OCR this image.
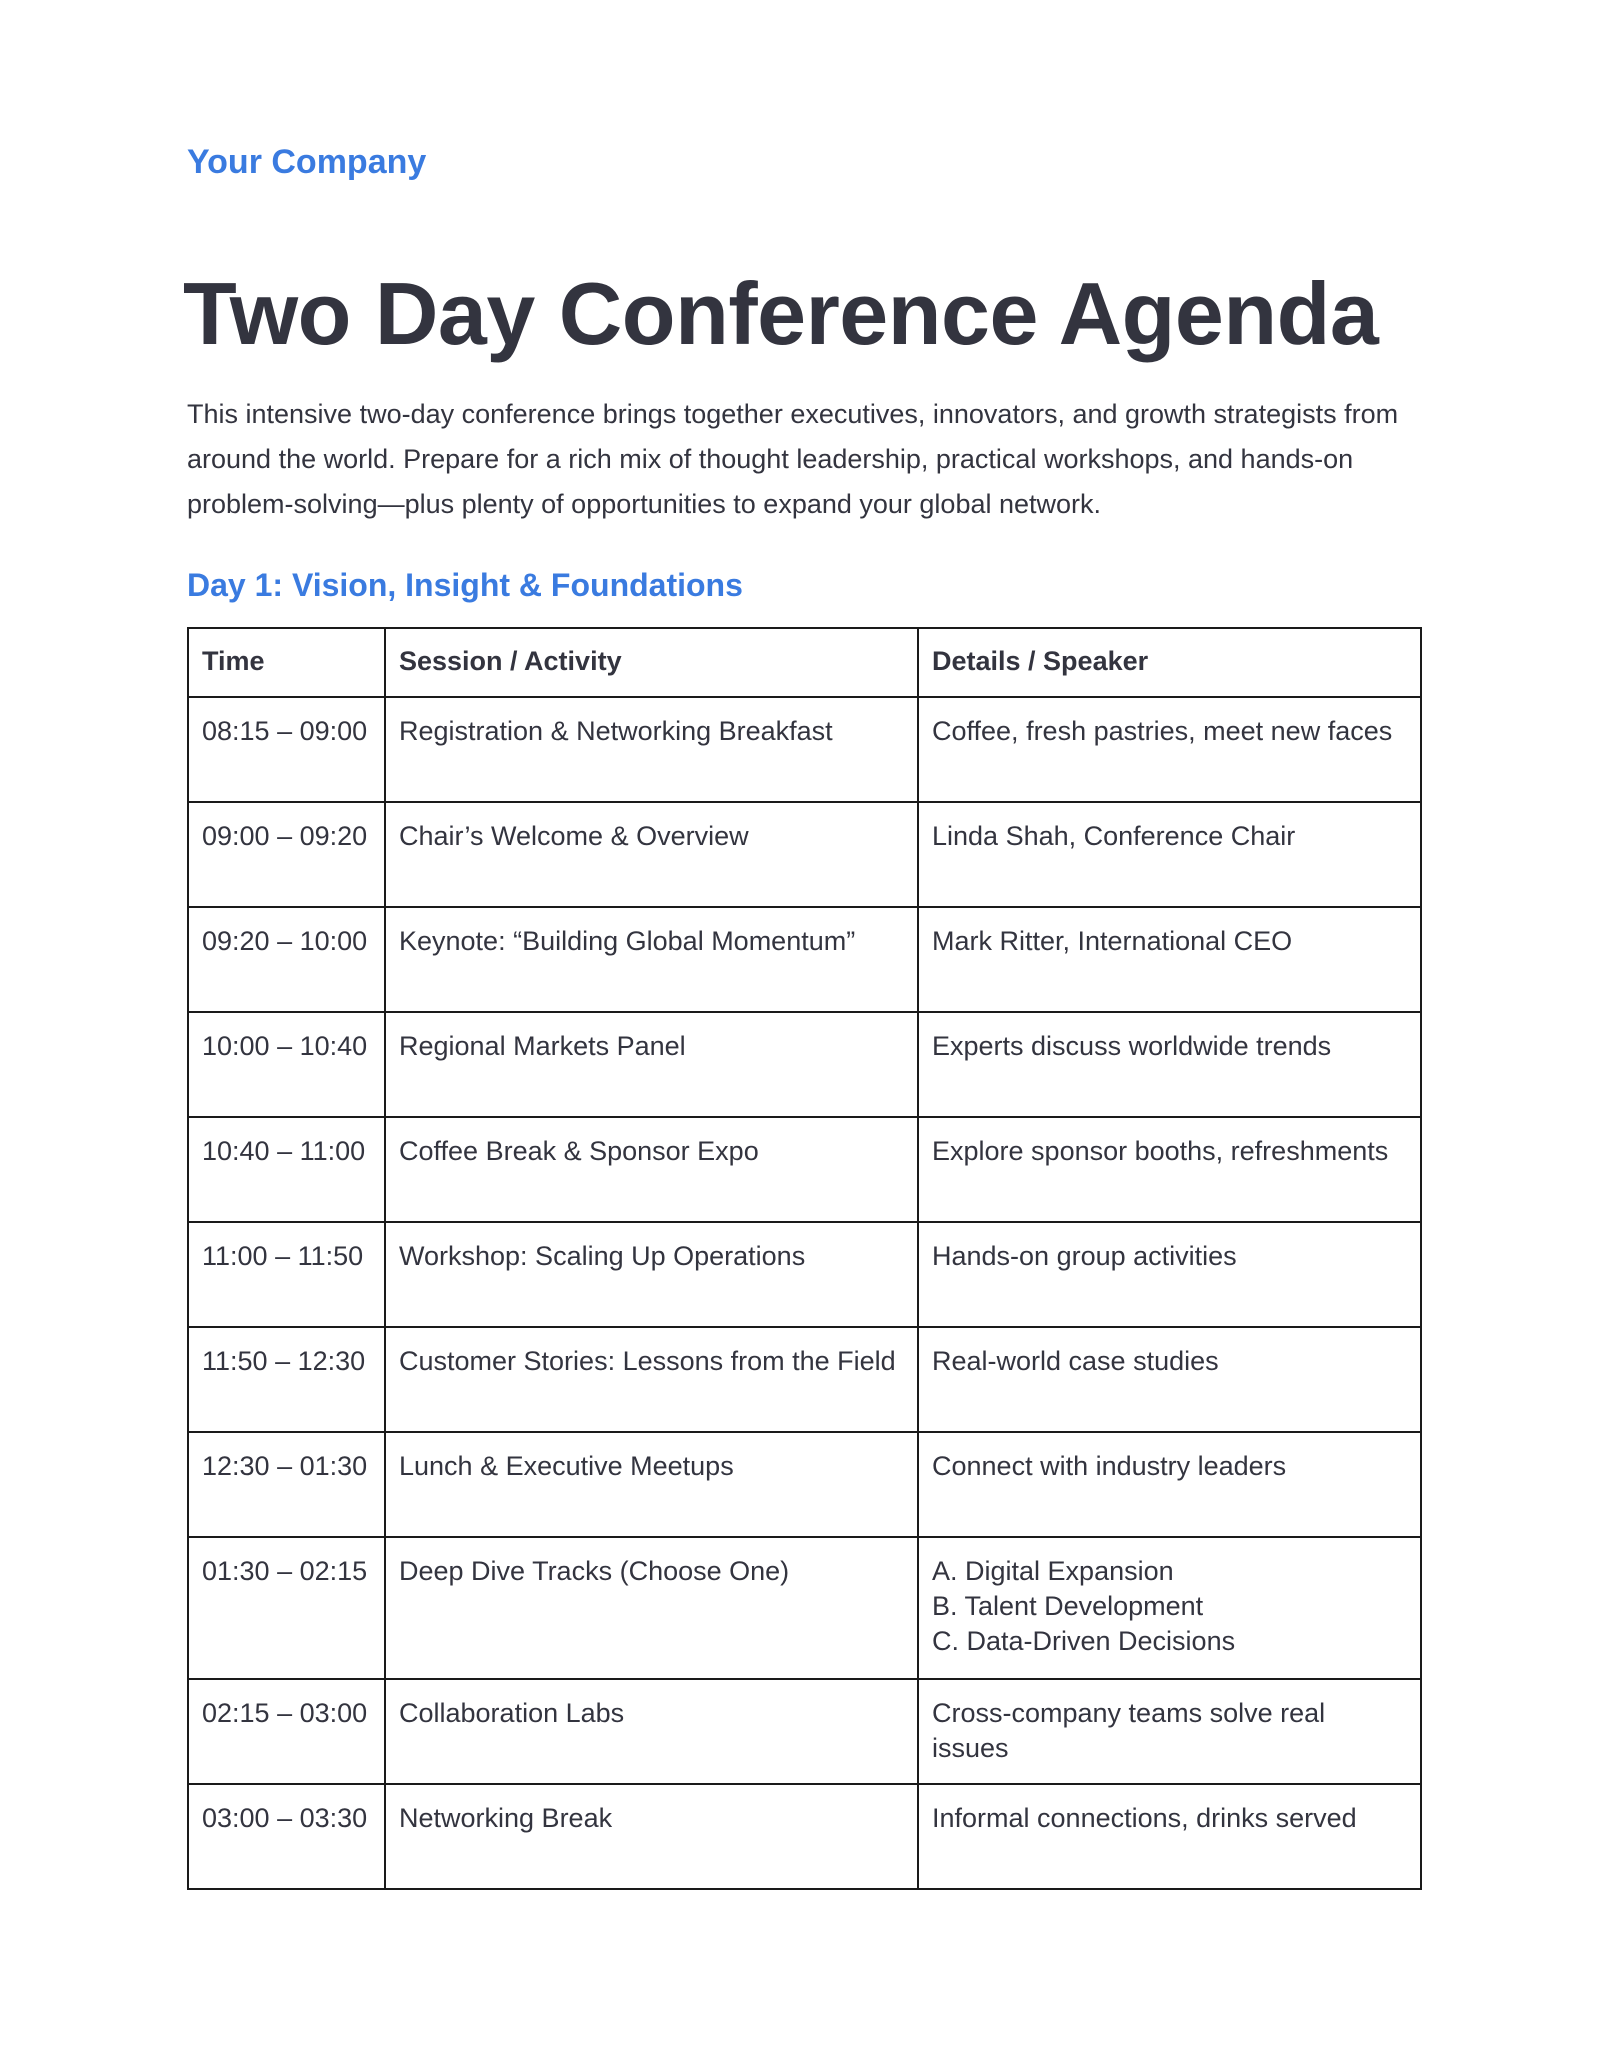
Your Company

Two Day Conference Agenda

This intensive two-day conference brings together executives, innovators, and growth strategists from around the world. Prepare for a rich mix of thought leadership, practical workshops, and hands-on problem-solving—plus plenty of opportunities to expand your global network.

Day 1: Vision, Insight & Foundations
Time	Session / Activity	Details / Speaker
08:15 – 09:00	Registration & Networking Breakfast	Coffee, fresh pastries, meet new faces
09:00 – 09:20	Chair’s Welcome & Overview	Linda Shah, Conference Chair
09:20 – 10:00	Keynote: “Building Global Momentum”	Mark Ritter, International CEO
10:00 – 10:40	Regional Markets Panel	Experts discuss worldwide trends
10:40 – 11:00	Coffee Break & Sponsor Expo	Explore sponsor booths, refreshments
11:00 – 11:50	Workshop: Scaling Up Operations	Hands-on group activities
11:50 – 12:30	Customer Stories: Lessons from the Field	Real-world case studies
12:30 – 01:30	Lunch & Executive Meetups	Connect with industry leaders
01:30 – 02:15	Deep Dive Tracks (Choose One)	A. Digital Expansion
B. Talent Development
C. Data-Driven Decisions

02:15 – 03:00	Collaboration Labs	Cross-company teams solve real issues
03:00 – 03:30	Networking Break	Informal connections, drinks served
